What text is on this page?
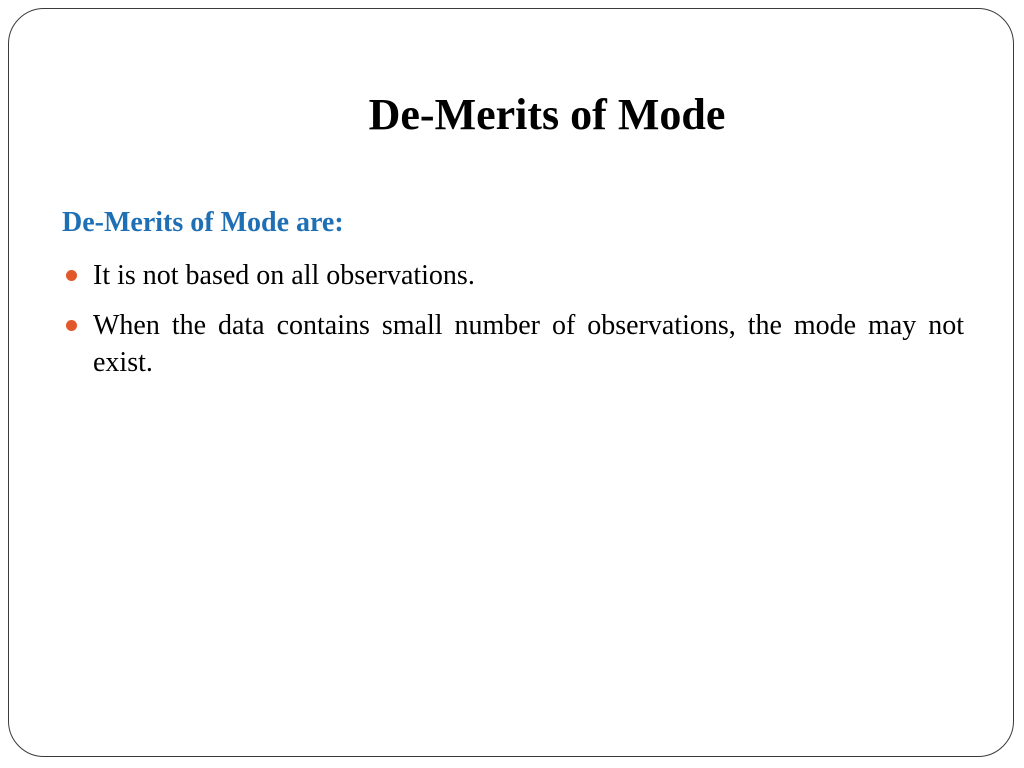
De-Merits of Mode

De-Merits of Mode are:

It is not based on all observations.
When the data contains small number of observations, the mode may not exist.
